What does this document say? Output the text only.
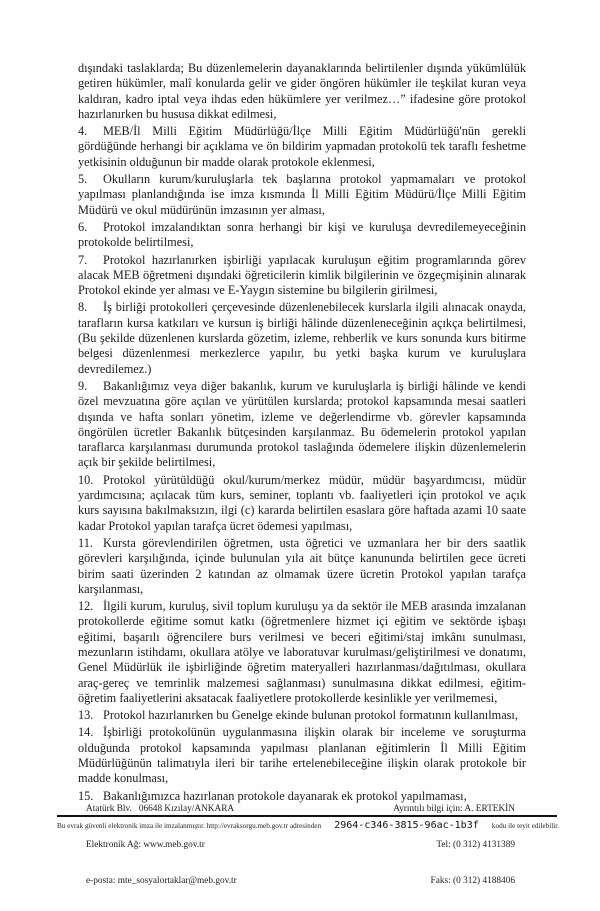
dışındaki taslaklarda; Bu düzenlemelerin dayanaklarında belirtilenler dışında yükümlülük getiren hükümler, malî konularda gelir ve gider öngören hükümler ile teşkilat kuran veya kaldıran, kadro iptal veya ihdas eden hükümlere yer verilmez…” ifadesine göre protokol hazırlanırken bu hususa dikkat edilmesi,

4. MEB/İl Milli Eğitim Müdürlüğü/İlçe Milli Eğitim Müdürlüğü'nün gerekli gördüğünde herhangi bir açıklama ve ön bildirim yapmadan protokolü tek taraflı feshetme yetkisinin olduğunun bir madde olarak protokole eklenmesi,

5. Okulların kurum/kuruluşlarla tek başlarına protokol yapmamaları ve protokol yapılması planlandığında ise imza kısmında İl Milli Eğitim Müdürü/İlçe Milli Eğitim Müdürü ve okul müdürünün imzasının yer alması,

6. Protokol imzalandıktan sonra herhangi bir kişi ve kuruluşa devredilemeyeceğinin protokolde belirtilmesi,

7. Protokol hazırlanırken işbirliği yapılacak kuruluşun eğitim programlarında görev alacak MEB öğretmeni dışındaki öğreticilerin kimlik bilgilerinin ve özgeçmişinin alınarak Protokol ekinde yer alması ve E-Yaygın sistemine bu bilgilerin girilmesi,

8. İş birliği protokolleri çerçevesinde düzenlenebilecek kurslarla ilgili alınacak onayda, tarafların kursa katkıları ve kursun iş birliği hâlinde düzenleneceğinin açıkça belirtilmesi, (Bu şekilde düzenlenen kurslarda gözetim, izleme, rehberlik ve kurs sonunda kurs bitirme belgesi düzenlenmesi merkezlerce yapılır, bu yetki başka kurum ve kuruluşlara devredilemez.)

9. Bakanlığımız veya diğer bakanlık, kurum ve kuruluşlarla iş birliği hâlinde ve kendi özel mevzuatına göre açılan ve yürütülen kurslarda; protokol kapsamında mesai saatleri dışında ve hafta sonları yönetim, izleme ve değerlendirme vb. görevler kapsamında öngörülen ücretler Bakanlık bütçesinden karşılanmaz. Bu ödemelerin protokol yapılan taraflarca karşılanması durumunda protokol taslağında ödemelere ilişkin düzenlemelerin açık bir şekilde belirtilmesi,

10. Protokol yürütüldüğü okul/kurum/merkez müdür, müdür başyardımcısı, müdür yardımcısına; açılacak tüm kurs, seminer, toplantı vb. faaliyetleri için protokol ve açık kurs sayısına bakılmaksızın, ilgi (c) kararda belirtilen esaslara göre haftada azami 10 saate kadar Protokol yapılan tarafça ücret ödemesi yapılması,

11. Kursta görevlendirilen öğretmen, usta öğretici ve uzmanlara her bir ders saatlik görevleri karşılığında, içinde bulunulan yıla ait bütçe kanununda belirtilen gece ücreti birim saati üzerinden 2 katından az olmamak üzere ücretin Protokol yapılan tarafça karşılanması,

12. İlgili kurum, kuruluş, sivil toplum kuruluşu ya da sektör ile MEB arasında imzalanan protokollerde eğitime somut katkı (öğretmenlere hizmet içi eğitim ve sektörde işbaşı eğitimi, başarılı öğrencilere burs verilmesi ve beceri eğitimi/staj imkânı sunulması, mezunların istihdamı, okullara atölye ve laboratuvar kurulması/geliştirilmesi ve donatımı, Genel Müdürlük ile işbirliğinde öğretim materyalleri hazırlanması/dağıtılması, okullara araç-gereç ve temrinlik malzemesi sağlanması) sunulmasına dikkat edilmesi, eğitim-öğretim faaliyetlerini aksatacak faaliyetlere protokollerde kesinlikle yer verilmemesi,

13. Protokol hazırlanırken bu Genelge ekinde bulunan protokol formatının kullanılması,

14. İşbirliği protokolünün uygulanmasına ilişkin olarak bir inceleme ve soruşturma olduğunda protokol kapsamında yapılması planlanan eğitimlerin İl Milli Eğitim Müdürlüğünün talimatıyla ileri bir tarihe ertelenebileceğine ilişkin olarak protokole bir madde konulması,

15. Bakanlığımızca hazırlanan protokole dayanarak ek protokol yapılmaması,

Atatürk Blv.   06648 Kızılay/ANKARA

Elektronik Ağ: www.meb.gov.tr

e-posta: mte_sosyalortaklar@meb.gov.tr

Ayrıntılı bilgi için: A. ERTEKİN

Tel: (0 312) 4131389

Faks: (0 312) 4188406

Bu evrak güvenli elektronik imza ile imzalanmıştır. http://evraksorgu.meb.gov.tr adresinden	2964-c346-3815-96ac-1b3f	kodu ile teyit edilebilir.
